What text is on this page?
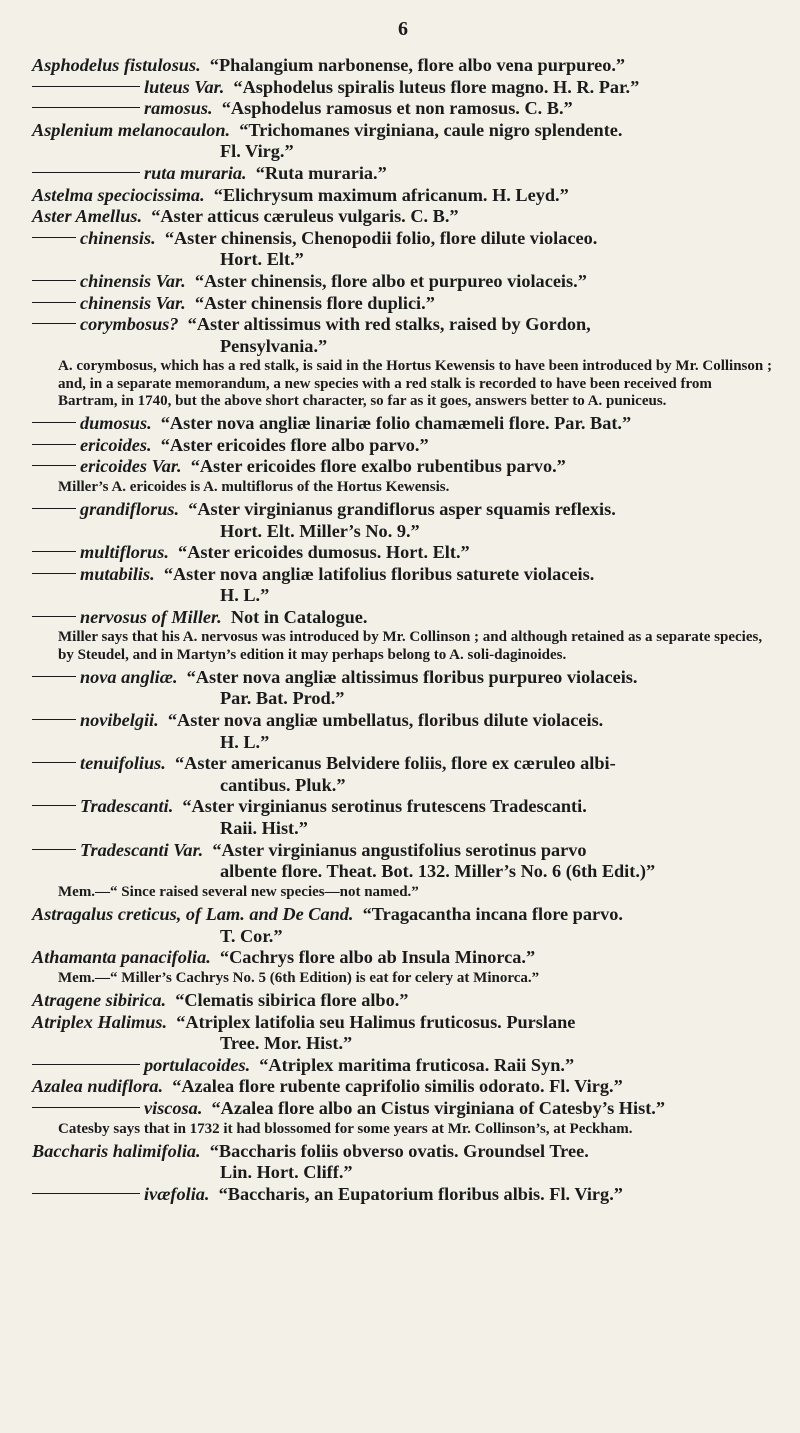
6
Asphodelus fistulosus. “Phalangium narbonense, flore albo vena purpureo.”
luteus Var. “Asphodelus spiralis luteus flore magno. H. R. Par.”
ramosus. “Asphodelus ramosus et non ramosus. C. B.”
Asplenium melanocaulon. “Trichomanes virginiana, caule nigro splendente.
Fl. Virg.”
ruta muraria. “Ruta muraria.”
Astelma speciocissima. “Elichrysum maximum africanum. H. Leyd.”
Aster Amellus. “Aster atticus cæruleus vulgaris. C. B.”
chinensis. “Aster chinensis, Chenopodii folio, flore dilute violaceo.
Hort. Elt.”
chinensis Var. “Aster chinensis, flore albo et purpureo violaceis.”
chinensis Var. “Aster chinensis flore duplici.”
corymbosus? “Aster altissimus with red stalks, raised by Gordon,
Pensylvania.”
A. corymbosus, which has a red stalk, is said in the Hortus Kewensis to have been introduced by Mr. Collinson ; and, in a separate memorandum, a new species with a red stalk is recorded to have been received from Bartram, in 1740, but the above short character, so far as it goes, answers better to A. puniceus.
dumosus. “Aster nova angliæ linariæ folio chamæmeli flore. Par. Bat.”
ericoides. “Aster ericoides flore albo parvo.”
ericoides Var. “Aster ericoides flore exalbo rubentibus parvo.”
Miller’s A. ericoides is A. multiflorus of the Hortus Kewensis.
grandiflorus. “Aster virginianus grandiflorus asper squamis reflexis.
Hort. Elt. Miller’s No. 9.”
multiflorus. “Aster ericoides dumosus. Hort. Elt.”
mutabilis. “Aster nova angliæ latifolius floribus saturete violaceis.
H. L.”
nervosus of Miller. Not in Catalogue.
Miller says that his A. nervosus was introduced by Mr. Collinson ; and although retained as a separate species, by Steudel, and in Martyn’s edition it may perhaps belong to A. soli-daginoides.
nova angliæ. “Aster nova angliæ altissimus floribus purpureo violaceis.
Par. Bat. Prod.”
novibelgii. “Aster nova angliæ umbellatus, floribus dilute violaceis.
H. L.”
tenuifolius. “Aster americanus Belvidere foliis, flore ex cæruleo albi-
cantibus. Pluk.”
Tradescanti. “Aster virginianus serotinus frutescens Tradescanti.
Raii. Hist.”
Tradescanti Var. “Aster virginianus angustifolius serotinus parvo
albente flore. Theat. Bot. 132. Miller’s No. 6 (6th Edit.)”
Mem.—“ Since raised several new species—not named.”
Astragalus creticus, of Lam. and De Cand. “Tragacantha incana flore parvo.
T. Cor.”
Athamanta panacifolia. “Cachrys flore albo ab Insula Minorca.”
Mem.—“ Miller’s Cachrys No. 5 (6th Edition) is eat for celery at Minorca.”
Atragene sibirica. “Clematis sibirica flore albo.”
Atriplex Halimus. “Atriplex latifolia seu Halimus fruticosus. Purslane
Tree. Mor. Hist.”
portulacoides. “Atriplex maritima fruticosa. Raii Syn.”
Azalea nudiflora. “Azalea flore rubente caprifolio similis odorato. Fl. Virg.”
viscosa. “Azalea flore albo an Cistus virginiana of Catesby’s Hist.”
Catesby says that in 1732 it had blossomed for some years at Mr. Collinson’s, at Peckham.
Baccharis halimifolia. “Baccharis foliis obverso ovatis. Groundsel Tree.
Lin. Hort. Cliff.”
ivæfolia. “Baccharis, an Eupatorium floribus albis. Fl. Virg.”
